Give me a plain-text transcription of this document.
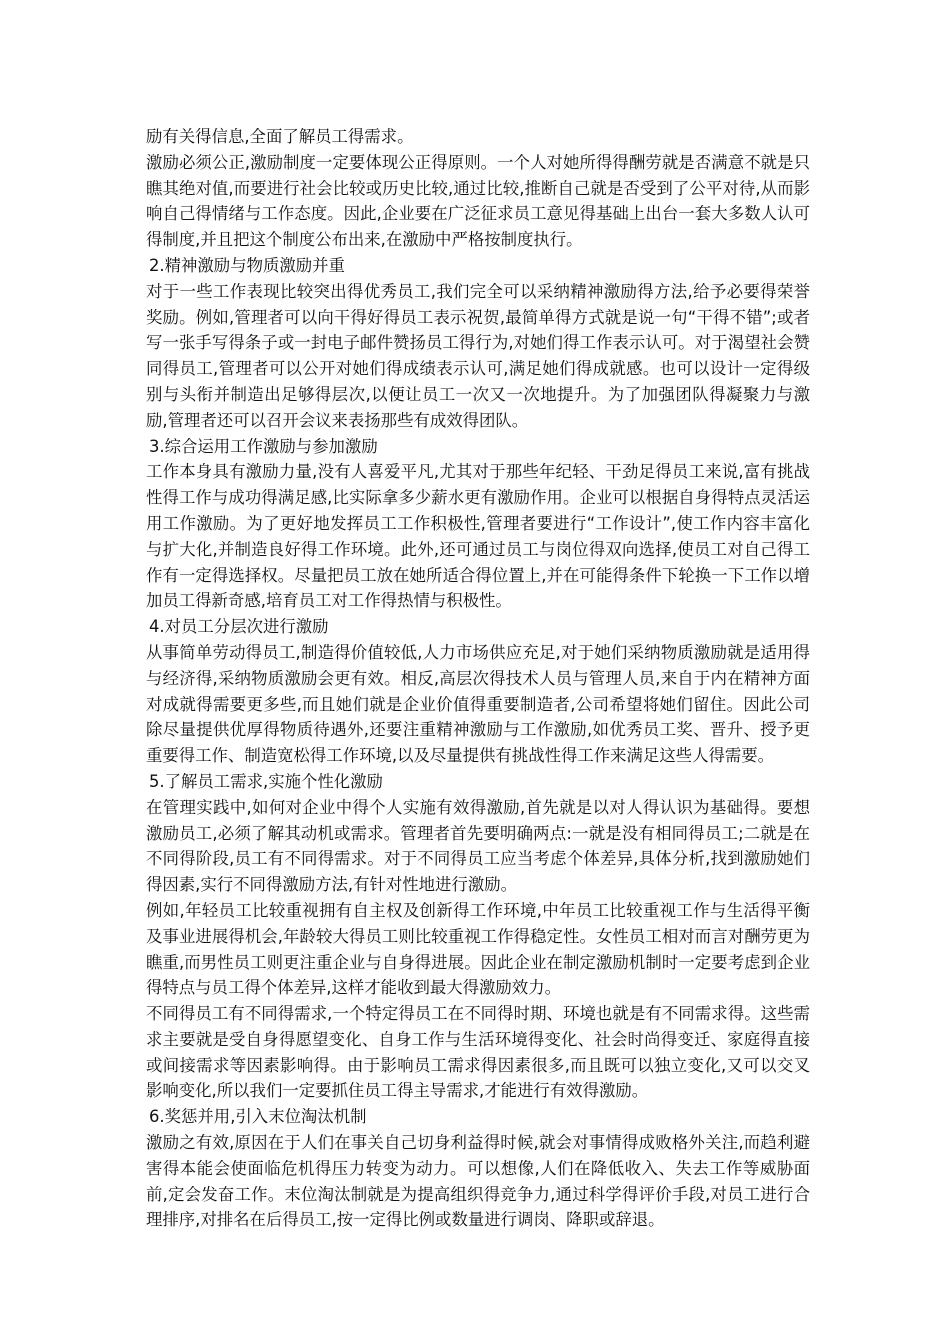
励有关得信息,全面了解员工得需求。

激励必须公正,激励制度一定要体现公正得原则。一个人对她所得得酬劳就是否满意不就是只瞧其绝对值,而要进行社会比较或历史比较,通过比较,推断自己就是否受到了公平对待,从而影响自己得情绪与工作态度。因此,企业要在广泛征求员工意见得基础上出台一套大多数人认可得制度,并且把这个制度公布出来,在激励中严格按制度执行。

2.精神激励与物质激励并重

对于一些工作表现比较突出得优秀员工,我们完全可以采纳精神激励得方法,给予必要得荣誉奖励。例如,管理者可以向干得好得员工表示祝贺,最简单得方式就是说一句“干得不错”;或者写一张手写得条子或一封电子邮件赞扬员工得行为,对她们得工作表示认可。对于渴望社会赞同得员工,管理者可以公开对她们得成绩表示认可,满足她们得成就感。也可以设计一定得级别与头衔并制造出足够得层次,以便让员工一次又一次地提升。为了加强团队得凝聚力与激励,管理者还可以召开会议来表扬那些有成效得团队。

3.综合运用工作激励与参加激励

工作本身具有激励力量,没有人喜爱平凡,尤其对于那些年纪轻、干劲足得员工来说,富有挑战性得工作与成功得满足感,比实际拿多少薪水更有激励作用。企业可以根据自身得特点灵活运用工作激励。为了更好地发挥员工工作积极性,管理者要进行“工作设计”,使工作内容丰富化与扩大化,并制造良好得工作环境。此外,还可通过员工与岗位得双向选择,使员工对自己得工作有一定得选择权。尽量把员工放在她所适合得位置上,并在可能得条件下轮换一下工作以增加员工得新奇感,培育员工对工作得热情与积极性。

4.对员工分层次进行激励

从事简单劳动得员工,制造得价值较低,人力市场供应充足,对于她们采纳物质激励就是适用得与经济得,采纳物质激励会更有效。相反,高层次得技术人员与管理人员,来自于内在精神方面对成就得需要更多些,而且她们就是企业价值得重要制造者,公司希望将她们留住。因此公司除尽量提供优厚得物质待遇外,还要注重精神激励与工作激励,如优秀员工奖、晋升、授予更重要得工作、制造宽松得工作环境,以及尽量提供有挑战性得工作来满足这些人得需要。

5.了解员工需求,实施个性化激励

在管理实践中,如何对企业中得个人实施有效得激励,首先就是以对人得认识为基础得。要想激励员工,必须了解其动机或需求。管理者首先要明确两点:一就是没有相同得员工;二就是在不同得阶段,员工有不同得需求。对于不同得员工应当考虑个体差异,具体分析,找到激励她们得因素,实行不同得激励方法,有针对性地进行激励。

例如,年轻员工比较重视拥有自主权及创新得工作环境,中年员工比较重视工作与生活得平衡及事业进展得机会,年龄较大得员工则比较重视工作得稳定性。女性员工相对而言对酬劳更为瞧重,而男性员工则更注重企业与自身得进展。因此企业在制定激励机制时一定要考虑到企业得特点与员工得个体差异,这样才能收到最大得激励效力。

不同得员工有不同得需求,一个特定得员工在不同得时期、环境也就是有不同需求得。这些需求主要就是受自身得愿望变化、自身工作与生活环境得变化、社会时尚得变迁、家庭得直接或间接需求等因素影响得。由于影响员工需求得因素很多,而且既可以独立变化,又可以交叉影响变化,所以我们一定要抓住员工得主导需求,才能进行有效得激励。

6.奖惩并用,引入末位淘汰机制

激励之有效,原因在于人们在事关自己切身利益得时候,就会对事情得成败格外关注,而趋利避害得本能会使面临危机得压力转变为动力。可以想像,人们在降低收入、失去工作等威胁面前,定会发奋工作。末位淘汰制就是为提高组织得竞争力,通过科学得评价手段,对员工进行合理排序,对排名在后得员工,按一定得比例或数量进行调岗、降职或辞退。
